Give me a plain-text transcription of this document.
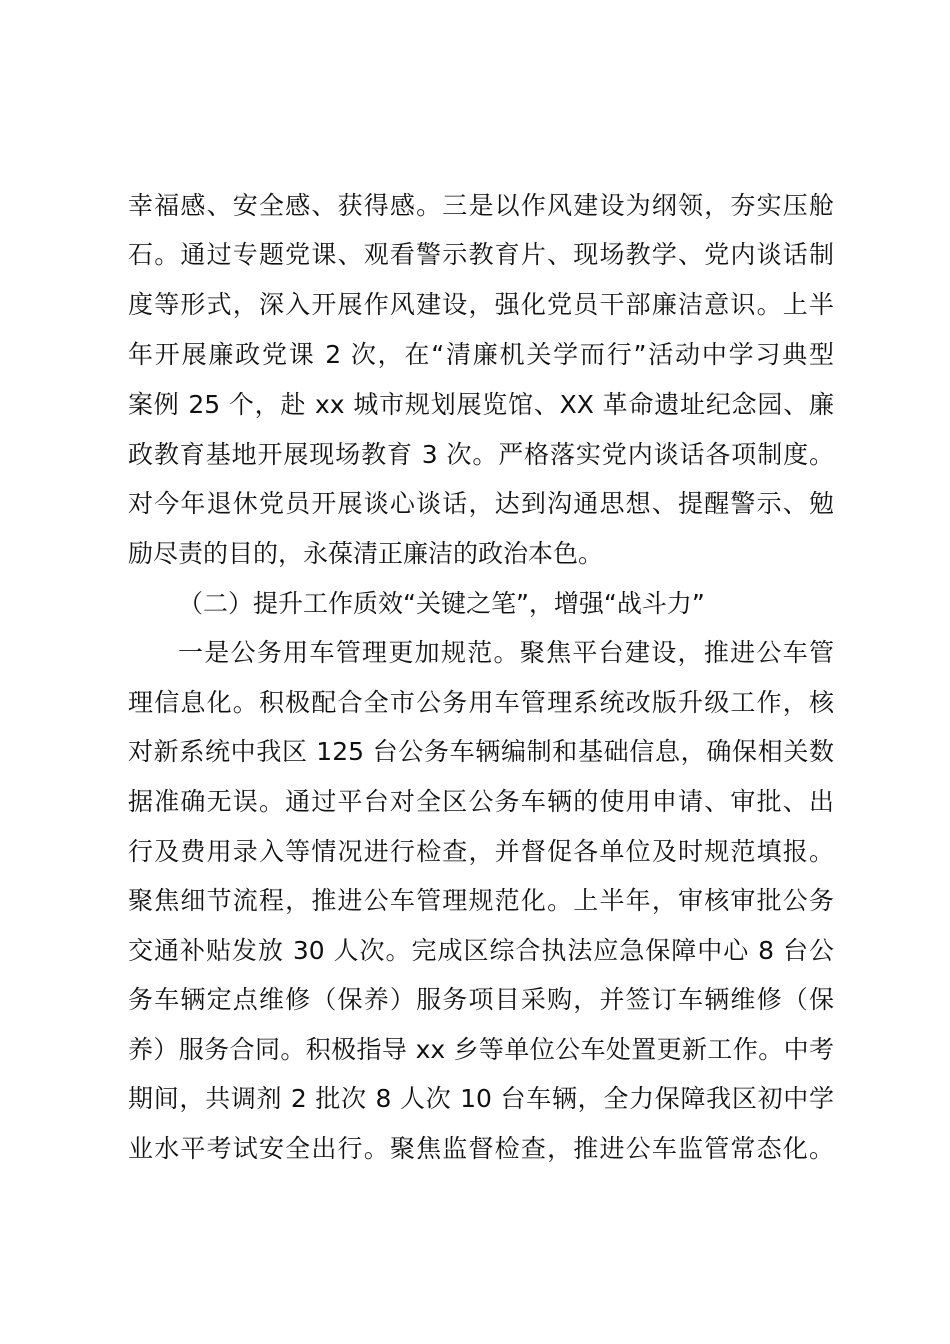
幸福感、安全感、获得感。三是以作风建设为纲领，夯实压舱
石。通过专题党课、观看警示教育片、现场教学、党内谈话制
度等形式，深入开展作风建设，强化党员干部廉洁意识。上半
年开展廉政党课 2 次，在“清廉机关学而行”活动中学习典型
案例 25 个，赴 xx 城市规划展览馆、XX 革命遗址纪念园、廉
政教育基地开展现场教育 3 次。严格落实党内谈话各项制度。
对今年退休党员开展谈心谈话，达到沟通思想、提醒警示、勉
励尽责的目的，永葆清正廉洁的政治本色。
（二）提升工作质效“关键之笔”，增强“战斗力”
一是公务用车管理更加规范。聚焦平台建设，推进公车管
理信息化。积极配合全市公务用车管理系统改版升级工作，核
对新系统中我区 125 台公务车辆编制和基础信息，确保相关数
据准确无误。通过平台对全区公务车辆的使用申请、审批、出
行及费用录入等情况进行检查，并督促各单位及时规范填报。
聚焦细节流程，推进公车管理规范化。上半年，审核审批公务
交通补贴发放 30 人次。完成区综合执法应急保障中心 8 台公
务车辆定点维修（保养）服务项目采购，并签订车辆维修（保
养）服务合同。积极指导 xx 乡等单位公车处置更新工作。中考
期间，共调剂 2 批次 8 人次 10 台车辆，全力保障我区初中学
业水平考试安全出行。聚焦监督检查，推进公车监管常态化。
